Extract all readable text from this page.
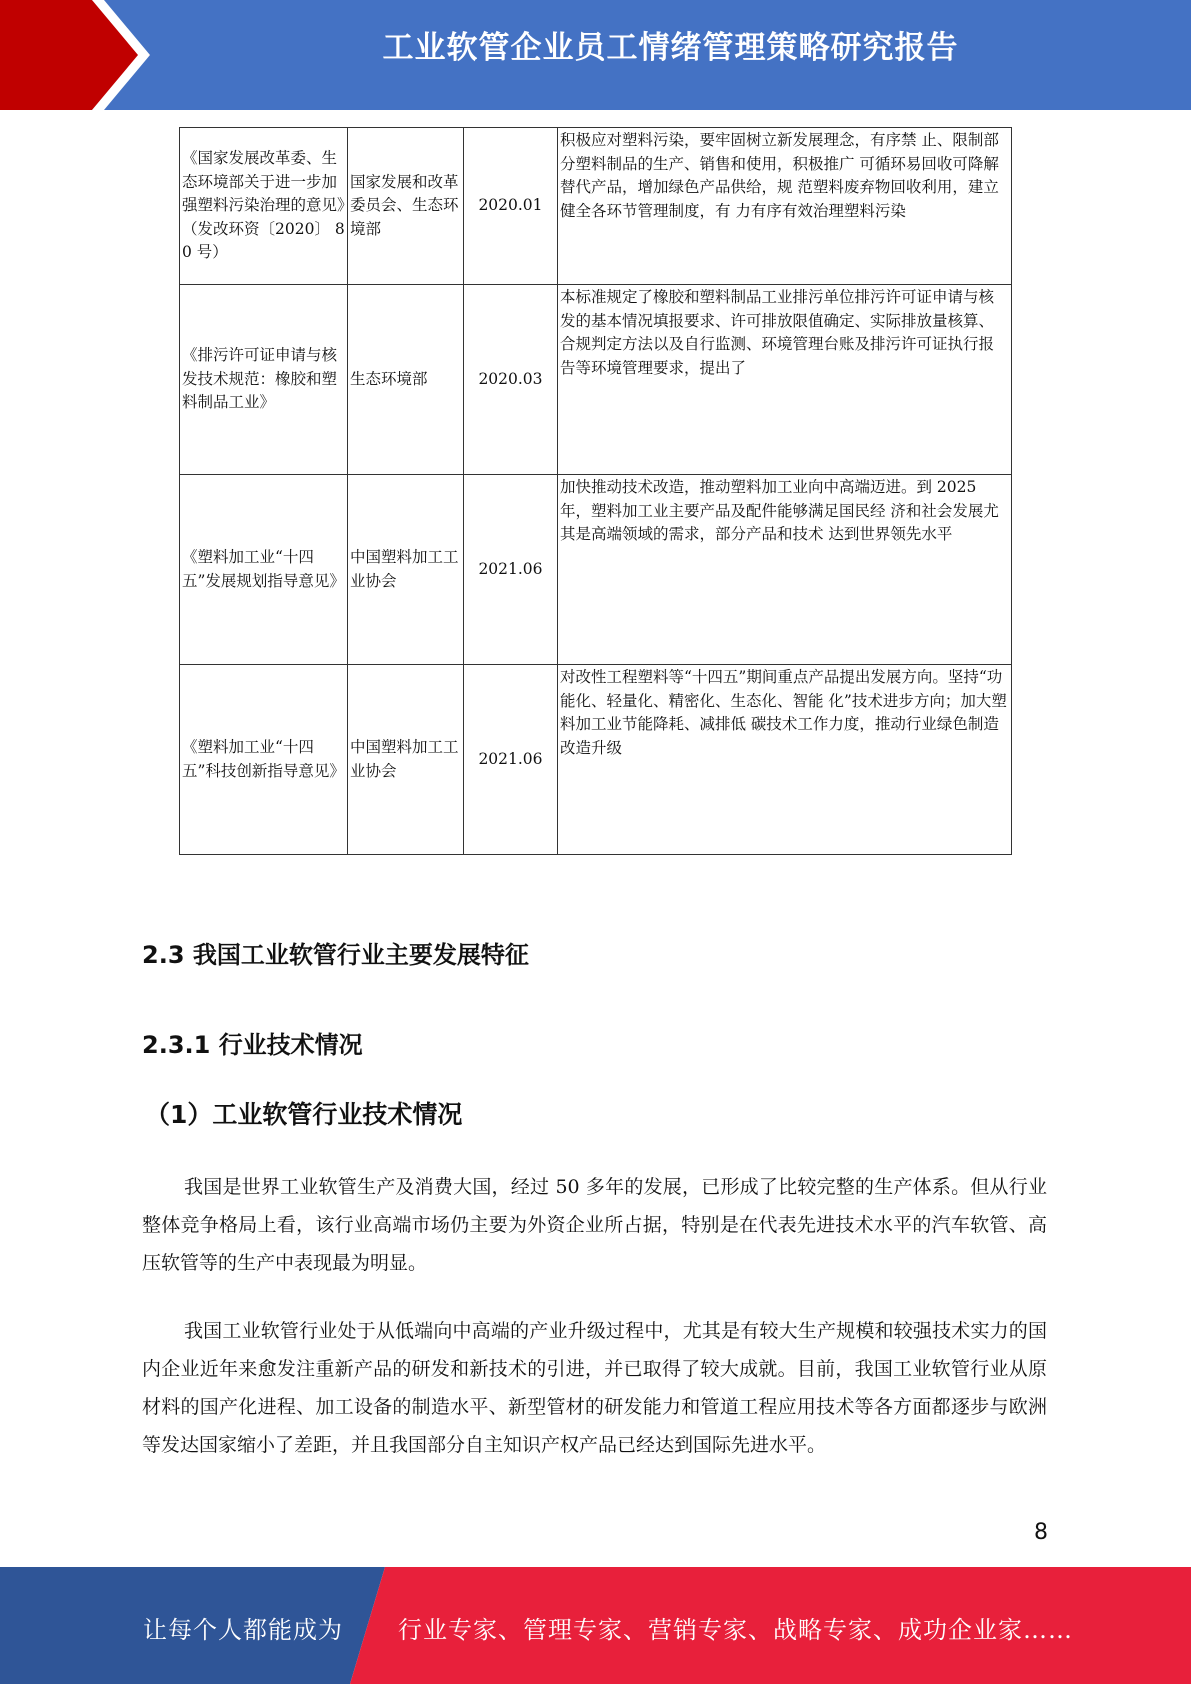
工业软管企业员工情绪管理策略研究报告
《国家发展改革委、生态环境部关于进一步加强塑料污染治理的意见》（发改环资〔2020〕 80 号）	国家发展和改革委员会、生态环境部	2020.01	积极应对塑料污染，要牢固树立新发展理念，有序禁 止、限制部分塑料制品的生产、销售和使用，积极推广 可循环易回收可降解替代产品，增加绿色产品供给，规 范塑料废弃物回收利用，建立健全各环节管理制度，有 力有序有效治理塑料污染
《排污许可证申请与核发技术规范：橡胶和塑料制品工业》	生态环境部	2020.03	本标准规定了橡胶和塑料制品工业排污单位排污许可证申请与核发的基本情况填报要求、许可排放限值确定、实际排放量核算、合规判定方法以及自行监测、环境管理台账及排污许可证执行报告等环境管理要求，提出了
《塑料加工业“十四五”发展规划指导意见》	中国塑料加工工业协会	2021.06	加快推动技术改造，推动塑料加工业向中高端迈进。到 2025 年，塑料加工业主要产品及配件能够满足国民经 济和社会发展尤其是高端领域的需求，部分产品和技术 达到世界领先水平
《塑料加工业“十四五”科技创新指导意见》	中国塑料加工工业协会	2021.06	对改性工程塑料等“十四五”期间重点产品提出发展方向。坚持“功能化、轻量化、精密化、生态化、智能 化”技术进步方向；加大塑料加工业节能降耗、减排低 碳技术工作力度，推动行业绿色制造改造升级
2.3 我国工业软管行业主要发展特征
2.3.1 行业技术情况
（1）工业软管行业技术情况

我国是世界工业软管生产及消费大国，经过 50 多年的发展，已形成了比较完整的生产体系。但从行业整体竞争格局上看，该行业高端市场仍主要为外资企业所占据，特别是在代表先进技术水平的汽车软管、高压软管等的生产中表现最为明显。

我国工业软管行业处于从低端向中高端的产业升级过程中，尤其是有较大生产规模和较强技术实力的国内企业近年来愈发注重新产品的研发和新技术的引进，并已取得了较大成就。目前，我国工业软管行业从原材料的国产化进程、加工设备的制造水平、新型管材的研发能力和管道工程应用技术等各方面都逐步与欧洲等发达国家缩小了差距，并且我国部分自主知识产权产品已经达到国际先进水平。

8
让每个人都能成为 行业专家、管理专家、营销专家、战略专家、成功企业家……
